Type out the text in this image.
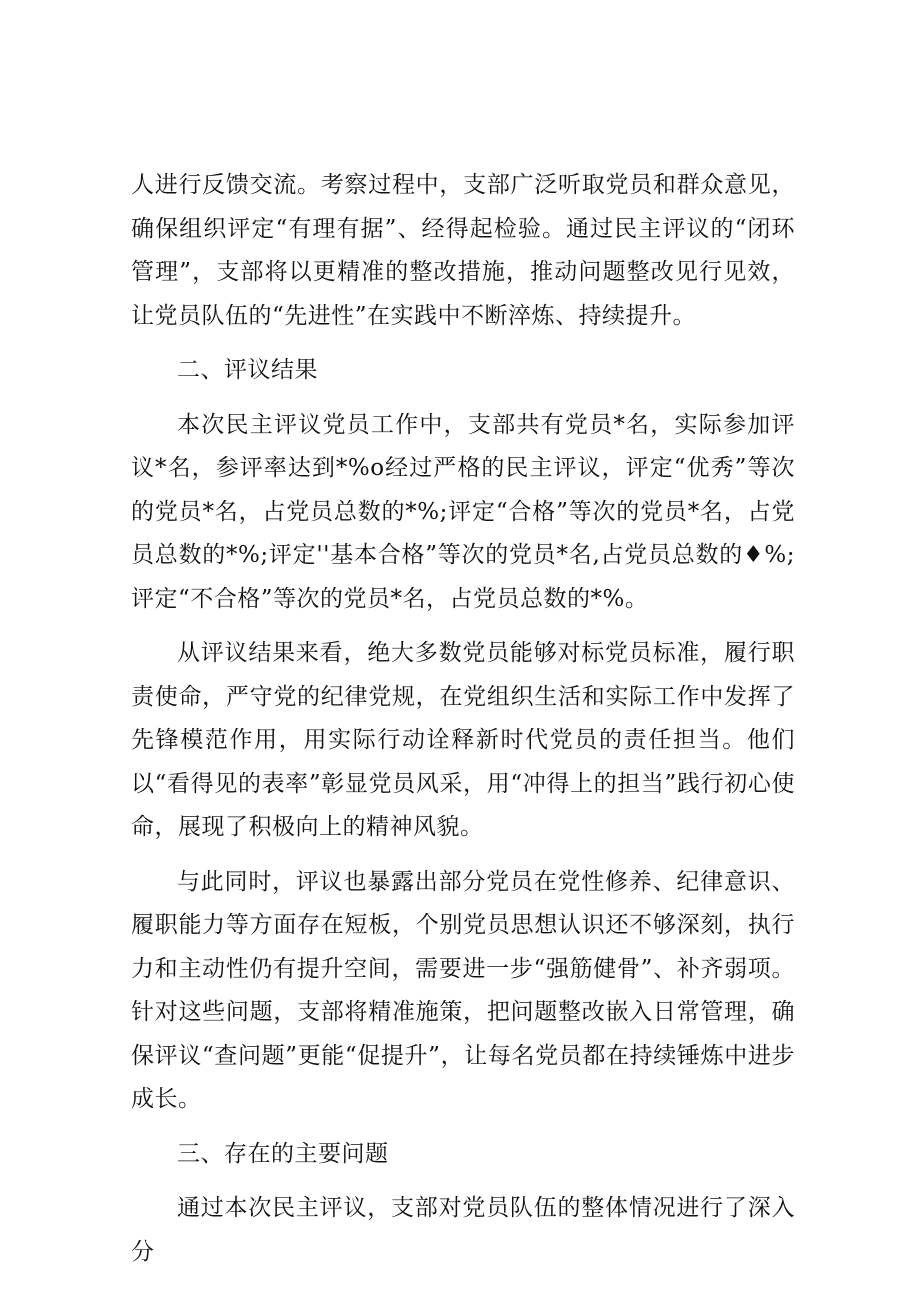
人进行反馈交流。考察过程中，支部广泛听取党员和群众意见，确保组织评定“有理有据”、经得起检验。通过民主评议的“闭环管理”，支部将以更精准的整改措施，推动问题整改见行见效，让党员队伍的“先进性”在实践中不断淬炼、持续提升。

二、评议结果

本次民主评议党员工作中，支部共有党员*名，实际参加评议*名，参评率达到*%o经过严格的民主评议，评定“优秀”等次的党员*名，占党员总数的*%;评定“合格”等次的党员*名，占党员总数的*%;评定''基本合格”等次的党员*名,占党员总数的♦%;评定“不合格”等次的党员*名，占党员总数的*%。

从评议结果来看，绝大多数党员能够对标党员标准，履行职责使命，严守党的纪律党规，在党组织生活和实际工作中发挥了先锋模范作用，用实际行动诠释新时代党员的责任担当。他们以“看得见的表率”彰显党员风采，用“冲得上的担当”践行初心使命，展现了积极向上的精神风貌。

与此同时，评议也暴露出部分党员在党性修养、纪律意识、履职能力等方面存在短板，个别党员思想认识还不够深刻，执行力和主动性仍有提升空间，需要进一步“强筋健骨”、补齐弱项。针对这些问题，支部将精准施策，把问题整改嵌入日常管理，确保评议“查问题”更能“促提升”，让每名党员都在持续锤炼中进步成长。

三、存在的主要问题

通过本次民主评议，支部对党员队伍的整体情况进行了深入分
